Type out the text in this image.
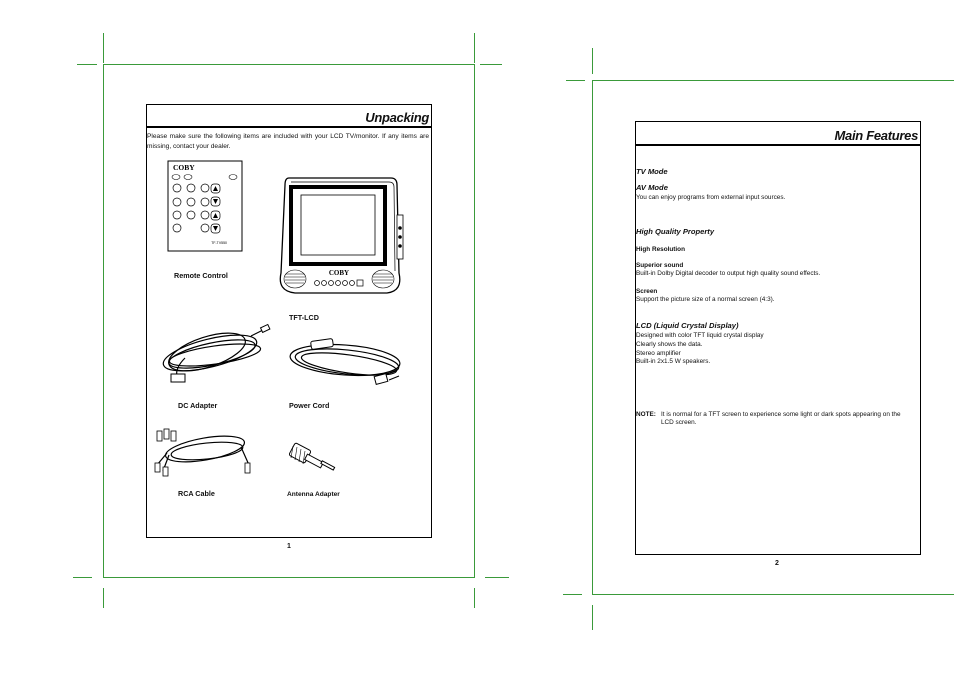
Unpacking
Please make sure the following items are included with your LCD TV/monitor. If any items are missing, contact your dealer.
COBY
TF-TV550
Remote Control	COBY
TFT-LCD
DC Adapter	Power Cord
RCA Cable	Antenna Adapter
1
Main Features
TV Mode
AV Mode
You can enjoy programs from external input sources.
High Quality Property
High Resolution
Superior sound
Built-in Dolby Digital decoder to output high quality sound effects.
Screen
Support the picture size of a normal screen (4:3).
LCD (Liquid Crystal Display)
Designed with color TFT liquid crystal display
Clearly shows the data.
Stereo amplifier
Built-in 2x1.5 W speakers.
NOTE: It is normal for a TFT screen to experience some light or dark spots appearing on the
LCD screen.
2
